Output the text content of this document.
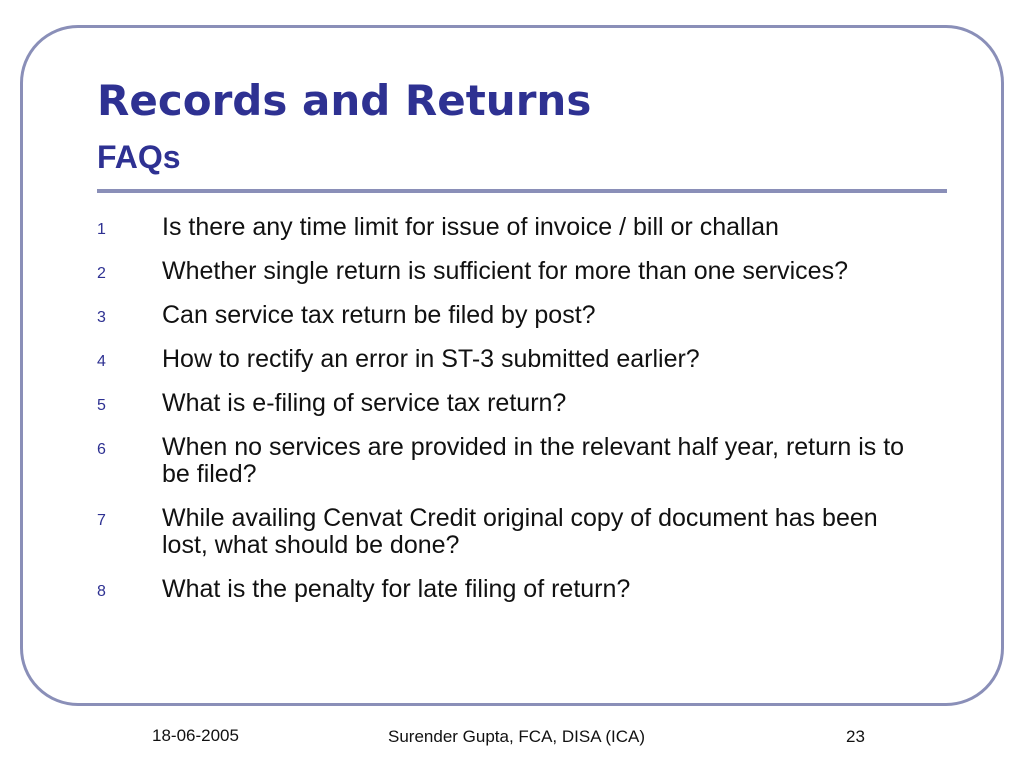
Records and Returns
FAQs
1	Is there any time limit for issue of invoice / bill or challan
2	Whether single return is sufficient for more than one services?
3	Can service tax return be filed by post?
4	How to rectify an error in ST-3 submitted earlier?
5	What is e-filing of service tax return?
6	When no services are provided in the relevant half year, return is to be filed?
7	While availing Cenvat Credit original copy of document has been lost, what should be done?
8	What is the penalty for late filing of return?
18-06-2005	Surender Gupta, FCA, DISA (ICA)	23
